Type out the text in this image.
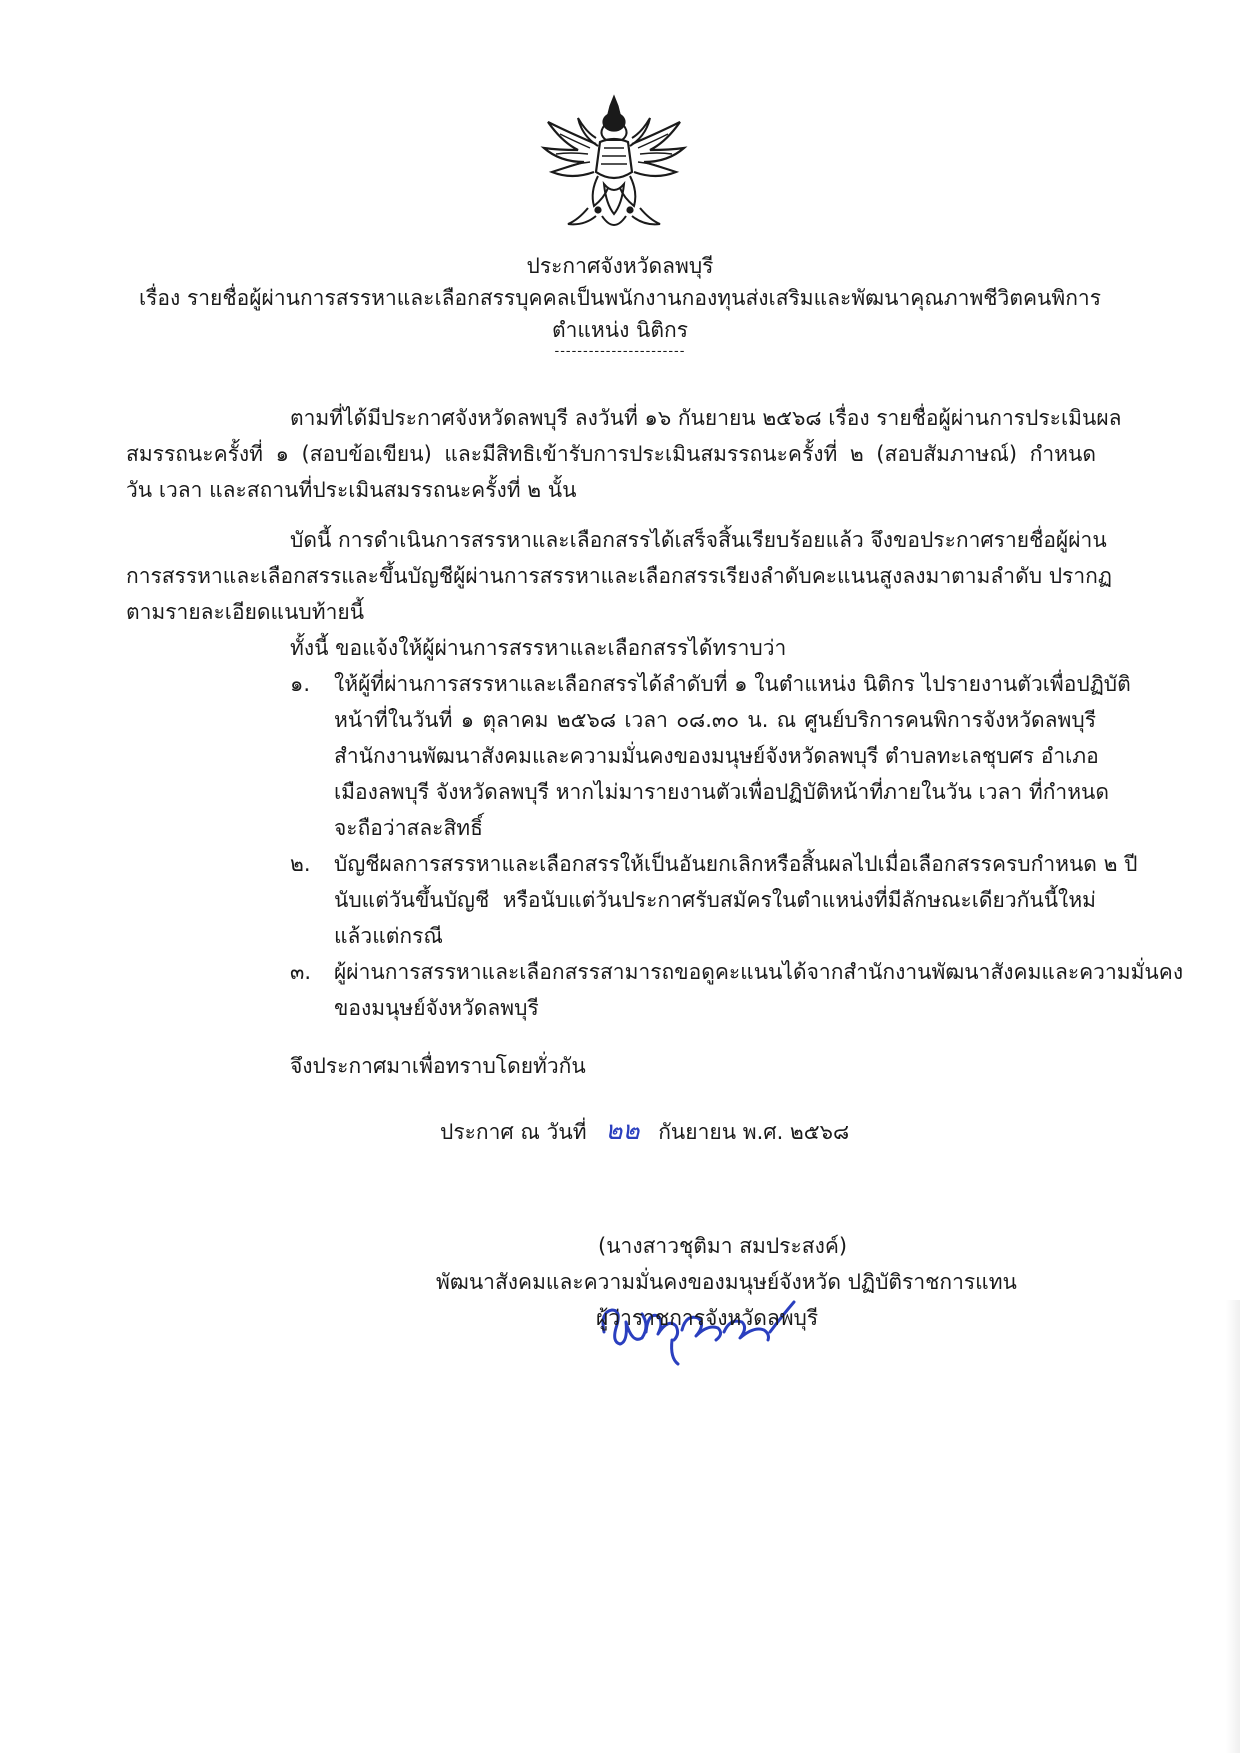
ประกาศจังหวัดลพบุรี
เรื่อง รายชื่อผู้ผ่านการสรรหาและเลือกสรรบุคคลเป็นพนักงานกองทุนส่งเสริมและพัฒนาคุณภาพชีวิตคนพิการ
ตำแหน่ง นิติกร
-----------------------
ตามที่ได้มีประกาศจังหวัดลพบุรี ลงวันที่ ๑๖ กันยายน ๒๕๖๘ เรื่อง รายชื่อผู้ผ่านการประเมินผล
สมรรถนะครั้งที่ ๑ (สอบข้อเขียน) และมีสิทธิเข้ารับการประเมินสมรรถนะครั้งที่ ๒ (สอบสัมภาษณ์) กำหนด
วัน เวลา และสถานที่ประเมินสมรรถนะครั้งที่ ๒ นั้น
บัดนี้ การดำเนินการสรรหาและเลือกสรรได้เสร็จสิ้นเรียบร้อยแล้ว จึงขอประกาศรายชื่อผู้ผ่าน
การสรรหาและเลือกสรรและขึ้นบัญชีผู้ผ่านการสรรหาและเลือกสรรเรียงลำดับคะแนนสูงลงมาตามลำดับ ปรากฏ
ตามรายละเอียดแนบท้ายนี้
ทั้งนี้ ขอแจ้งให้ผู้ผ่านการสรรหาและเลือกสรรได้ทราบว่า
๑. ให้ผู้ที่ผ่านการสรรหาและเลือกสรรได้ลำดับที่ ๑ ในตำแหน่ง นิติกร ไปรายงานตัวเพื่อปฏิบัติ
หน้าที่ในวันที่ ๑ ตุลาคม ๒๕๖๘ เวลา ๐๘.๓๐ น. ณ ศูนย์บริการคนพิการจังหวัดลพบุรี
สำนักงานพัฒนาสังคมและความมั่นคงของมนุษย์จังหวัดลพบุรี ตำบลทะเลชุบศร อำเภอ
เมืองลพบุรี จังหวัดลพบุรี หากไม่มารายงานตัวเพื่อปฏิบัติหน้าที่ภายในวัน เวลา ที่กำหนด
จะถือว่าสละสิทธิ์
๒. บัญชีผลการสรรหาและเลือกสรรให้เป็นอันยกเลิกหรือสิ้นผลไปเมื่อเลือกสรรครบกำหนด ๒ ปี
นับแต่วันขึ้นบัญชี หรือนับแต่วันประกาศรับสมัครในตำแหน่งที่มีลักษณะเดียวกันนี้ใหม่
แล้วแต่กรณี
๓. ผู้ผ่านการสรรหาและเลือกสรรสามารถขอดูคะแนนได้จากสำนักงานพัฒนาสังคมและความมั่นคง
ของมนุษย์จังหวัดลพบุรี
จึงประกาศมาเพื่อทราบโดยทั่วกัน
ประกาศ ณ วันที่ ๒๒ กันยายน พ.ศ. ๒๕๖๘
(นางสาวชุติมา สมประสงค์)
พัฒนาสังคมและความมั่นคงของมนุษย์จังหวัด ปฏิบัติราชการแทน
ผู้ว่าราชการจังหวัดลพบุรี
